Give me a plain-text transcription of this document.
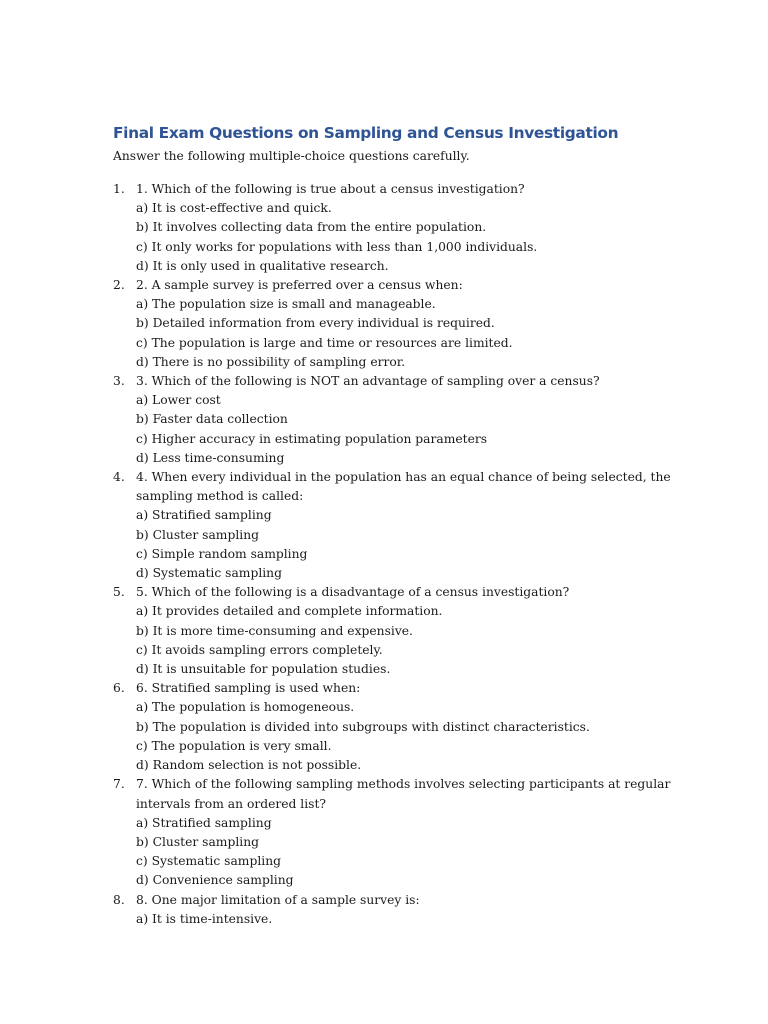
Final Exam Questions on Sampling and Census Investigation

Answer the following multiple-choice questions carefully.

1. 1. Which of the following is true about a census investigation?
a) It is cost-effective and quick.
b) It involves collecting data from the entire population.
c) It only works for populations with less than 1,000 individuals.
d) It is only used in qualitative research.
2. 2. A sample survey is preferred over a census when:
a) The population size is small and manageable.
b) Detailed information from every individual is required.
c) The population is large and time or resources are limited.
d) There is no possibility of sampling error.
3. 3. Which of the following is NOT an advantage of sampling over a census?
a) Lower cost
b) Faster data collection
c) Higher accuracy in estimating population parameters
d) Less time-consuming
4. 4. When every individual in the population has an equal chance of being selected, the sampling method is called:
a) Stratified sampling
b) Cluster sampling
c) Simple random sampling
d) Systematic sampling
5. 5. Which of the following is a disadvantage of a census investigation?
a) It provides detailed and complete information.
b) It is more time-consuming and expensive.
c) It avoids sampling errors completely.
d) It is unsuitable for population studies.
6. 6. Stratified sampling is used when:
a) The population is homogeneous.
b) The population is divided into subgroups with distinct characteristics.
c) The population is very small.
d) Random selection is not possible.
7. 7. Which of the following sampling methods involves selecting participants at regular intervals from an ordered list?
a) Stratified sampling
b) Cluster sampling
c) Systematic sampling
d) Convenience sampling
8. 8. One major limitation of a sample survey is:
a) It is time-intensive.
